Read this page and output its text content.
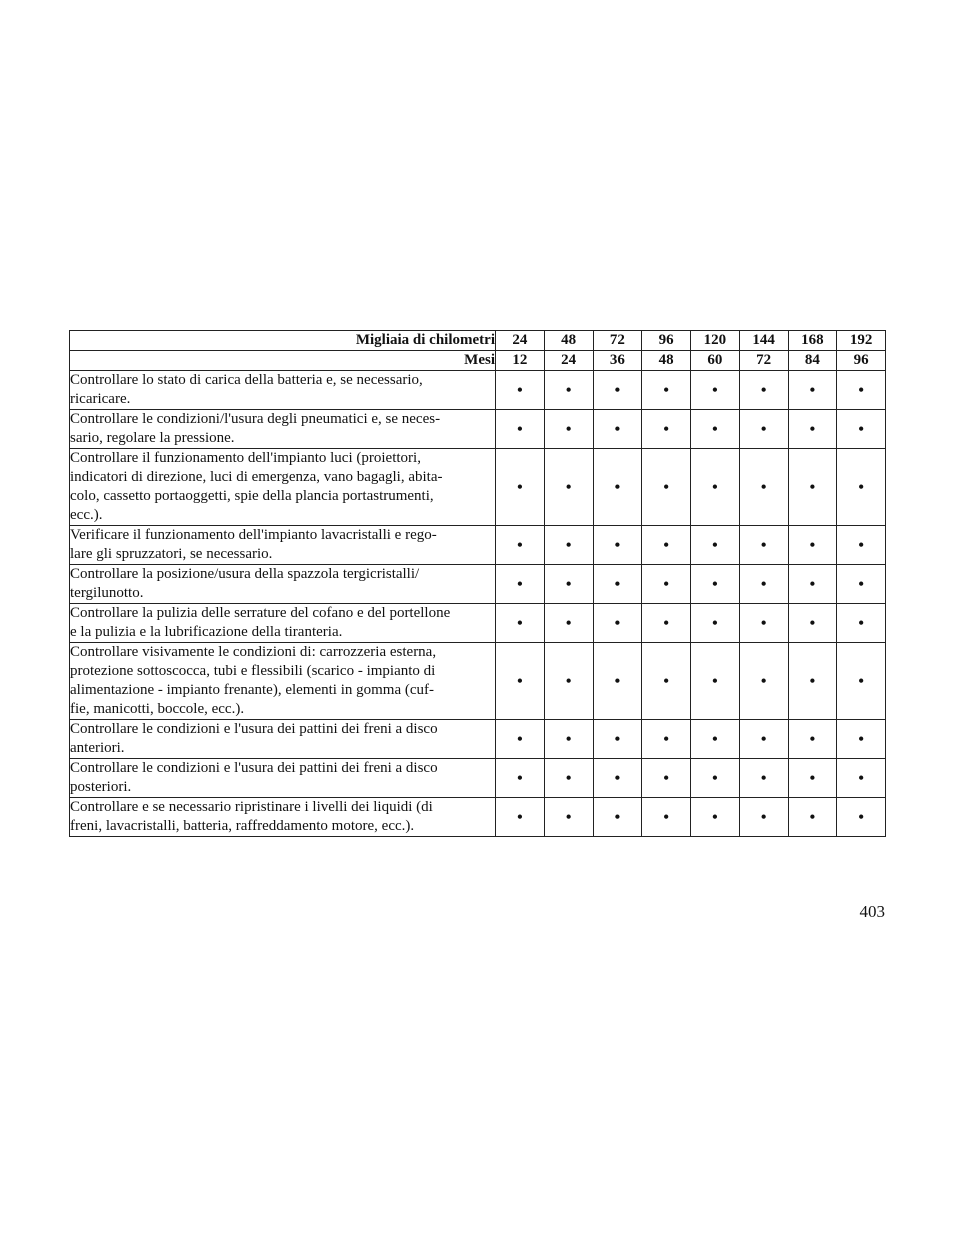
Migliaia di chilometri	24	48	72	96	120	144	168	192
Mesi	12	24	36	48	60	72	84	96

Controllare lo stato di carica della batteria e, se necessario,
ricaricare.	•	•	•	•	•	•	•	•

Controllare le condizioni/l'usura degli pneumatici e, se neces-
sario, regolare la pressione.	•	•	•	•	•	•	•	•

Controllare il funzionamento dell'impianto luci (proiettori,
indicatori di direzione, luci di emergenza, vano bagagli, abita-
colo, cassetto portaoggetti, spie della plancia portastrumenti,
ecc.).	•	•	•	•	•	•	•	•

Verificare il funzionamento dell'impianto lavacristalli e rego-
lare gli spruzzatori, se necessario.	•	•	•	•	•	•	•	•

Controllare la posizione/usura della spazzola tergicristalli/
tergilunotto.	•	•	•	•	•	•	•	•

Controllare la pulizia delle serrature del cofano e del portellone
e la pulizia e la lubrificazione della tiranteria.	•	•	•	•	•	•	•	•

Controllare visivamente le condizioni di: carrozzeria esterna,
protezione sottoscocca, tubi e flessibili (scarico - impianto di
alimentazione - impianto frenante), elementi in gomma (cuf-
fie, manicotti, boccole, ecc.).	•	•	•	•	•	•	•	•

Controllare le condizioni e l'usura dei pattini dei freni a disco
anteriori.	•	•	•	•	•	•	•	•

Controllare le condizioni e l'usura dei pattini dei freni a disco
posteriori.	•	•	•	•	•	•	•	•

Controllare e se necessario ripristinare i livelli dei liquidi (di
freni, lavacristalli, batteria, raffreddamento motore, ecc.).	•	•	•	•	•	•	•	•
403
